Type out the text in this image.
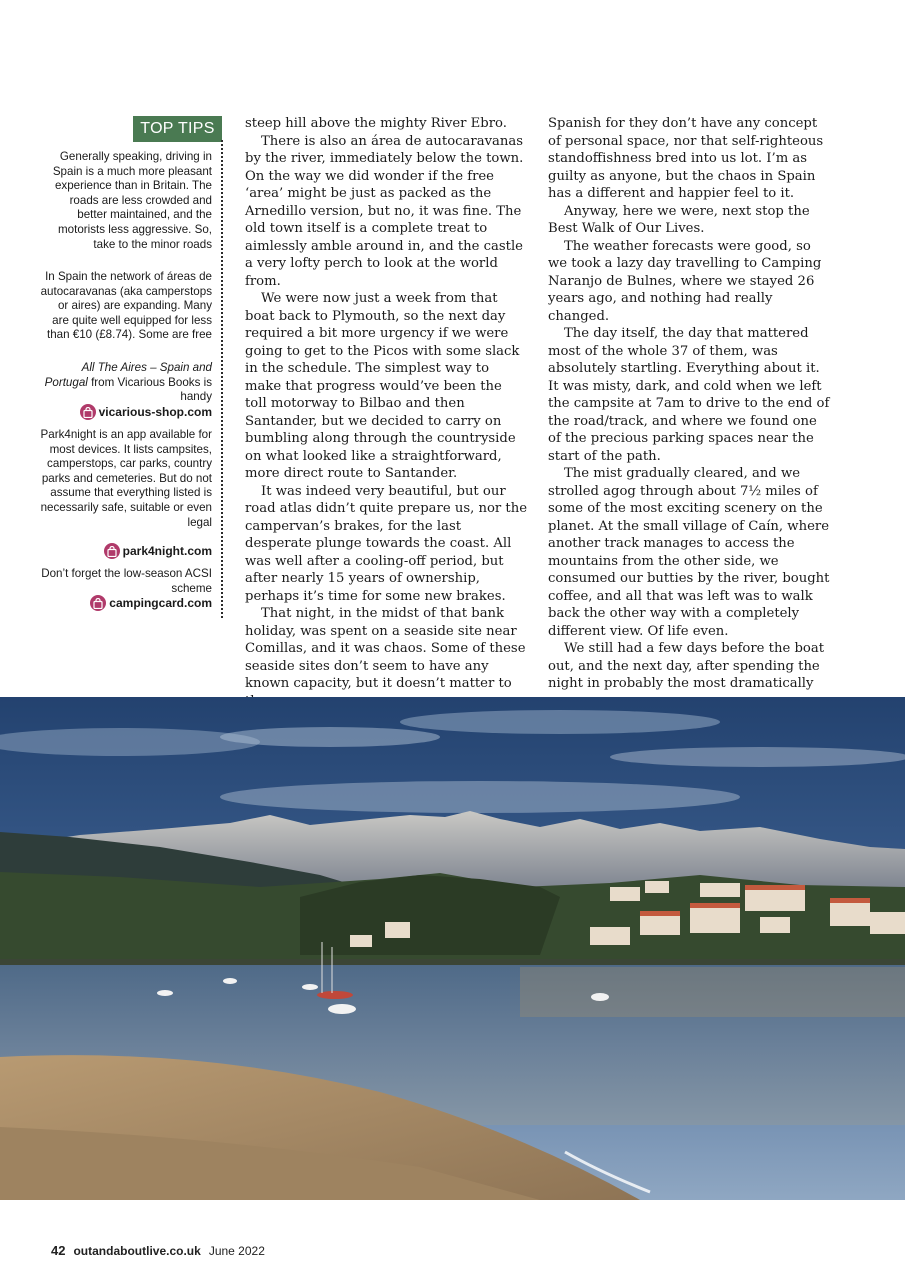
TOP TIPS

Generally speaking, driving in Spain is a much more pleasant experience than in Britain. The roads are less crowded and better maintained, and the motorists less aggressive. So, take to the minor roads

In Spain the network of áreas de autocaravanas (aka camperstops or aires) are expanding. Many are quite well equipped for less than €10 (£8.74). Some are free

All The Aires – Spain and Portugal from Vicarious Books is handy

vicarious-shop.com

Park4night is an app available for most devices. It lists campsites, camperstops, car parks, country parks and cemeteries. But do not assume that everything listed is necessarily safe, suitable or even legal

park4night.com

Don’t forget the low-season ACSI scheme

campingcard.com

steep hill above the mighty River Ebro.

There is also an área de autocaravanas by the river, immediately below the town. On the way we did wonder if the free ‘area’ might be just as packed as the Arnedillo version, but no, it was fine. The old town itself is a complete treat to aimlessly amble around in, and the castle a very lofty perch to look at the world from.

We were now just a week from that boat back to Plymouth, so the next day required a bit more urgency if we were going to get to the Picos with some slack in the schedule. The simplest way to make that progress would’ve been the toll motorway to Bilbao and then Santander, but we decided to carry on bumbling along through the countryside on what looked like a straightforward, more direct route to Santander.

It was indeed very beautiful, but our road atlas didn’t quite prepare us, nor the campervan’s brakes, for the last desperate plunge towards the coast. All was well after a cooling-off period, but after nearly 15 years of ownership, perhaps it’s time for some new brakes.

That night, in the midst of that bank holiday, was spent on a seaside site near Comillas, and it was chaos. Some of these seaside sites don’t seem to have any known capacity, but it doesn’t matter to

Spanish for they don’t have any concept of personal space, nor that self-righteous standoffishness bred into us lot. I’m as guilty as anyone, but the chaos in Spain has a different and happier feel to it.

Anyway, here we were, next stop the Best Walk of Our Lives.

The weather forecasts were good, so we took a lazy day travelling to Camping Naranjo de Bulnes, where we stayed 26 years ago, and nothing had really changed.

The day itself, the day that mattered most of the whole 37 of them, was absolutely startling. Everything about it. It was misty, dark, and cold when we left the campsite at 7am to drive to the end of the road/track, and where we found one of the precious parking spaces near the start of the path.

The mist gradually cleared, and we strolled agog through about 7½ miles of some of the most exciting scenery on the planet. At the small village of Caín, where another track manages to access the mountains from the other side, we consumed our butties by the river, bought coffee, and all that was left was to walk back the other way with a completely different view. Of life even.

We still had a few days before the boat out, and the next day, after spending the night in probably the most dramatically

42 outandaboutlive.co.uk June 2022
